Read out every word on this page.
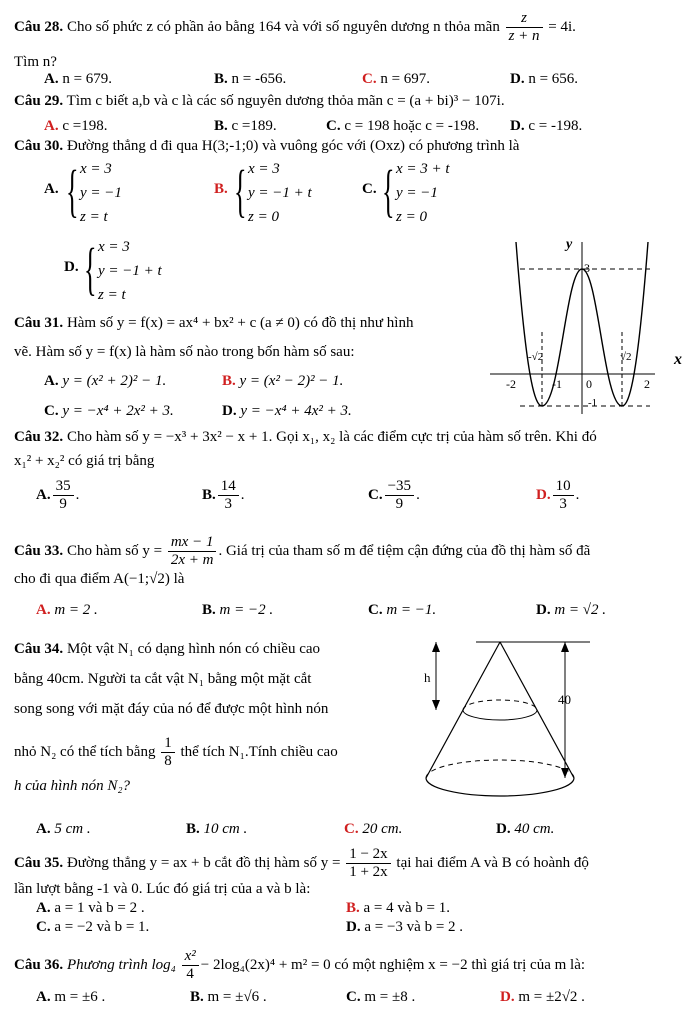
Câu 28. Cho số phức z có phần ảo bằng 164 và với số nguyên dương n thỏa mãn $\frac{z}{z + n} = 4i$.
Tìm n?
A. n = 679.	B. n = -656.	C. n = 697.	D. n = 656.
Câu 29. Tìm c biết a,b và c là các số nguyên dương thỏa mãn c = (a + bi)³ − 107i.
A. c =198.	B. c =189.	C. c = 198 hoặc c = -198. D. c = -198.
Câu 30. Đường thẳng d đi qua H(3;-1;0) và vuông góc với (Oxz) có phương trình là
A. { x = 3
y = −1
z = t
B. { x = 3
y = −1 + t
z = 0
C. { x = 3 + t
y = −1
z = 0
D. { x = 3
y = −1 + t
z = t
Câu 31. Hàm số y = f(x) = ax⁴ + bx² + c (a ≠ 0) có đồ thị như hình
vẽ. Hàm số y = f(x) là hàm số nào trong bốn hàm số sau:
A. y = (x² + 2)² − 1.	B. y = (x² − 2)² − 1.
C. y = −x⁴ + 2x² + 3.	D. y = −x⁴ + 4x² + 3.
y
x
3
-1
0
-√2	√2
-2	-1	2
Câu 32. Cho hàm số y = −x³ + 3x² − x + 1. Gọi x₁, x₂ là các điểm cực trị của hàm số trên. Khi đó
x₁² + x₂² có giá trị bằng
A. $\frac{35}{9}$ .	B. $\frac{14}{3}$ .	C. $\frac{-35}{9}$ .	D. $\frac{10}{3}$ .
Câu 33. Cho hàm số $y = \frac{mx - 1}{2x + m}$ . Giá trị của tham số m để tiệm cận đứng của đồ thị hàm số đã
cho đi qua điểm A(−1;√2) là
A. m = 2 .	B. m = −2 .	C. m = −1.	D. m = √2 .
Câu 34. Một vật N₁ có dạng hình nón có chiều cao
bằng 40cm. Người ta cắt vật N₁ bằng một mặt cắt
song song với mặt đáy của nó để được một hình nón
nhỏ N₂ có thể tích bằng $\frac{1}{8}$ thể tích N₁.Tính chiều cao
h của hình nón N₂?
h
40
A. 5 cm .	B. 10 cm .	C. 20 cm.	D. 40 cm.
Câu 35. Đường thẳng y = ax + b cắt đồ thị hàm số $y = \frac{1 - 2x}{1 + 2x}$ tại hai điểm A và B có hoành độ
lần lượt bằng -1 và 0. Lúc đó giá trị của a và b là:
A. a = 1 và b = 2 .	B. a = 4 và b = 1.
C. a = −2 và b = 1.	D. a = −3 và b = 2 .
Câu 36. Phương trình $\log_4 \frac{\text{x²}}{4} - 2\log_4(2x)^4 + m^2 = 0$ có một nghiệm x = −2 thì giá trị của m là:
A. m = ±6 .	B. m = ±√6 .	C. m = ±8 .	D. m = ±2√2 .
